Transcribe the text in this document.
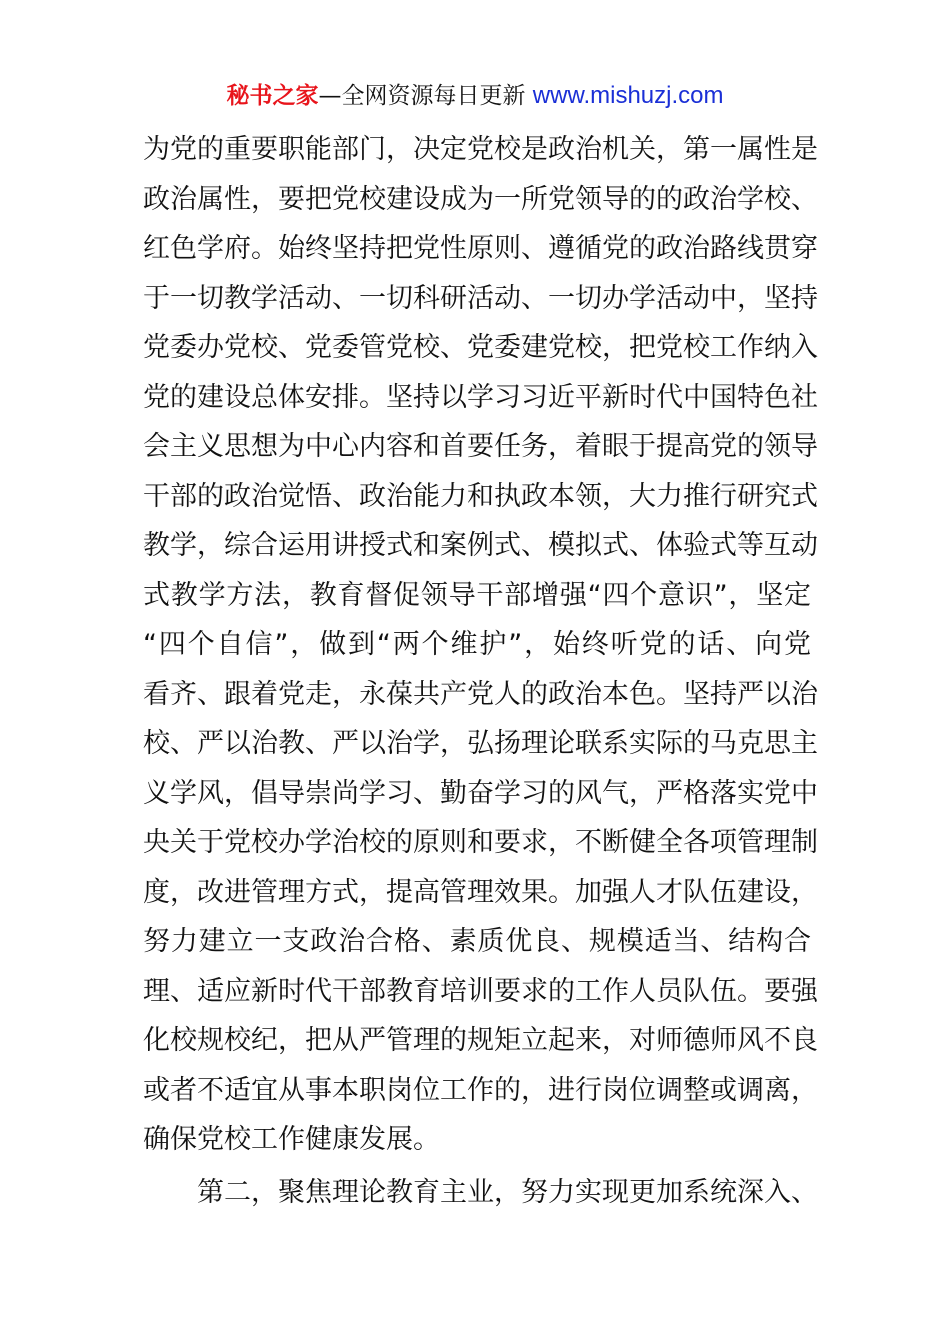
秘书之家—全网资源每日更新 www.mishuzj.com
为党的重要职能部门，决定党校是政治机关，第一属性是
政治属性，要把党校建设成为一所党领导的的政治学校、
红色学府。始终坚持把党性原则、遵循党的政治路线贯穿
于一切教学活动、一切科研活动、一切办学活动中，坚持
党委办党校、党委管党校、党委建党校，把党校工作纳入
党的建设总体安排。坚持以学习习近平新时代中国特色社
会主义思想为中心内容和首要任务，着眼于提高党的领导
干部的政治觉悟、政治能力和执政本领，大力推行研究式
教学，综合运用讲授式和案例式、模拟式、体验式等互动
式教学方法，教育督促领导干部增强“四个意识”，坚定
“四个自信”，做到“两个维护”，始终听党的话、向党
看齐、跟着党走，永葆共产党人的政治本色。坚持严以治
校、严以治教、严以治学，弘扬理论联系实际的马克思主
义学风，倡导崇尚学习、勤奋学习的风气，严格落实党中
央关于党校办学治校的原则和要求，不断健全各项管理制
度，改进管理方式，提高管理效果。加强人才队伍建设，
努力建立一支政治合格、素质优良、规模适当、结构合
理、适应新时代干部教育培训要求的工作人员队伍。要强
化校规校纪，把从严管理的规矩立起来，对师德师风不良
或者不适宜从事本职岗位工作的，进行岗位调整或调离，
确保党校工作健康发展。
第二，聚焦理论教育主业，努力实现更加系统深入、
